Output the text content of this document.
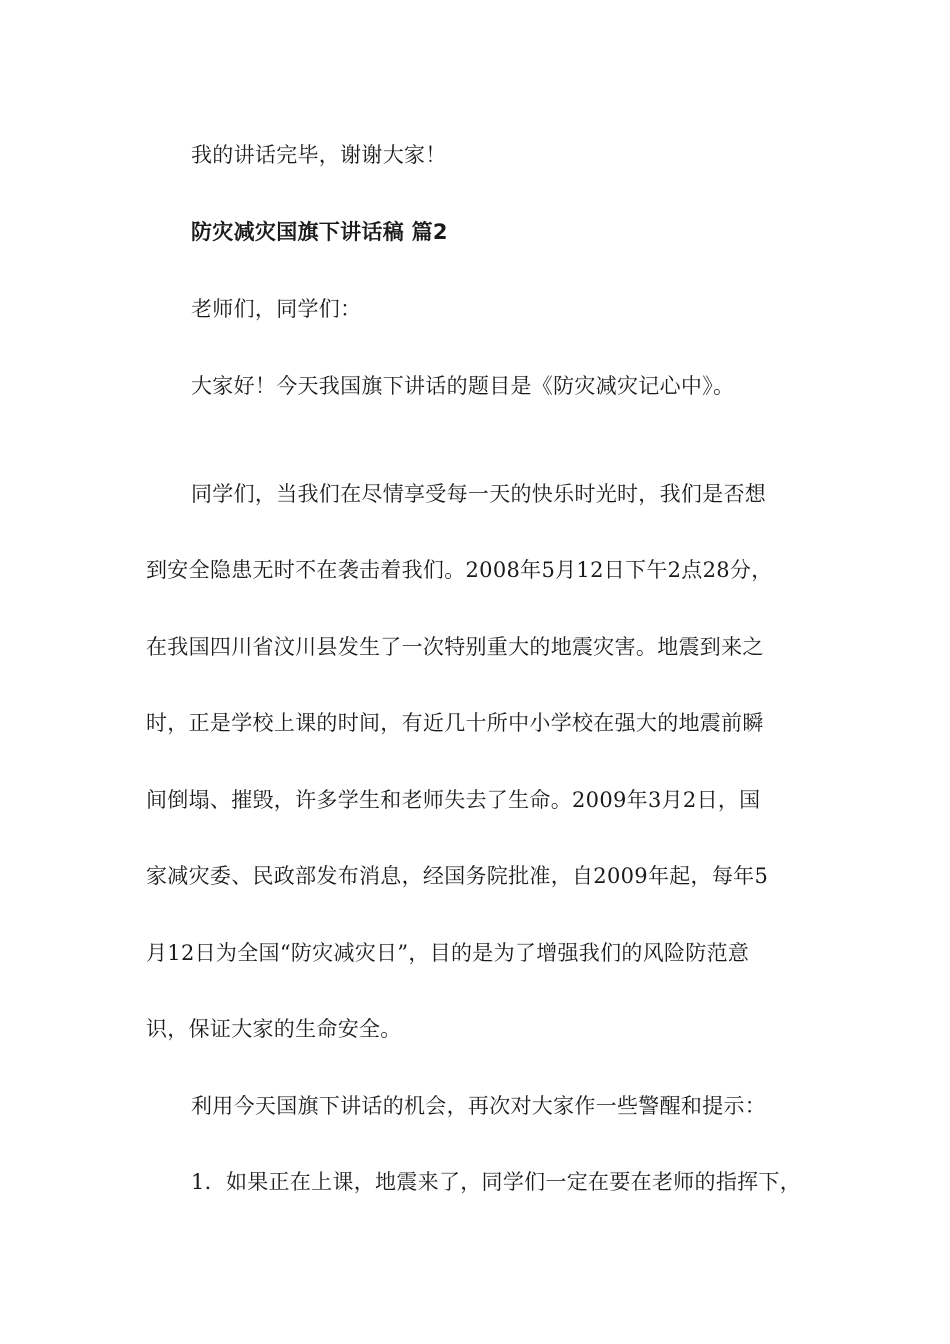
我的讲话完毕，谢谢大家！
防灾减灾国旗下讲话稿 篇2
老师们，同学们：
大家好！今天我国旗下讲话的题目是《防灾减灾记心中》。
同学们，当我们在尽情享受每一天的快乐时光时，我们是否想
到安全隐患无时不在袭击着我们。2008年5月12日下午2点28分，
在我国四川省汶川县发生了一次特别重大的地震灾害。地震到来之
时，正是学校上课的时间，有近几十所中小学校在强大的地震前瞬
间倒塌、摧毁，许多学生和老师失去了生命。2009年3月2日，国
家减灾委、民政部发布消息，经国务院批准，自2009年起，每年5
月12日为全国“防灾减灾日”，目的是为了增强我们的风险防范意
识，保证大家的生命安全。
利用今天国旗下讲话的机会，再次对大家作一些警醒和提示：
1．如果正在上课，地震来了，同学们一定在要在老师的指挥下，
